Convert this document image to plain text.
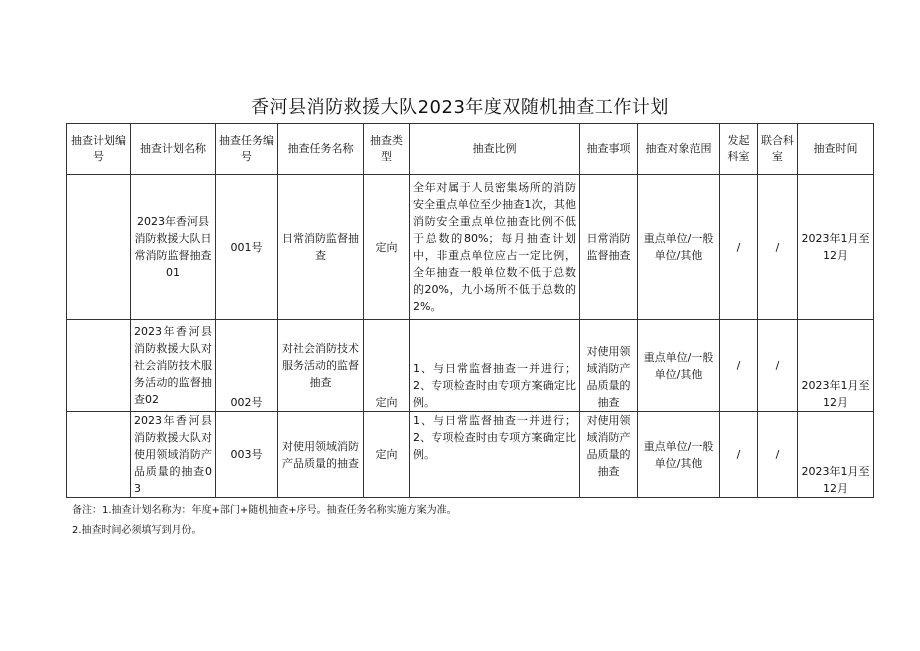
香河县消防救援大队2023年度双随机抽查工作计划
抽查计划编号	抽查计划名称	抽查任务编号	抽查任务名称	抽查类型	抽查比例	抽查事项	抽查对象范围	发起科室	联合科室	抽查时间
	2023年香河县消防救援大队日常消防监督抽查01	001号	日常消防监督抽查	定向	全年对属于人员密集场所的消防安全重点单位至少抽查1次，其他消防安全重点单位抽查比例不低于总数的80%；每月抽查计划中，非重点单位应占一定比例，全年抽查一般单位数不低于总数的20%，九小场所不低于总数的2%。	日常消防监督抽查	重点单位/一般单位/其他	/	/	2023年1月至12月
	2023年香河县消防救援大队对社会消防技术服务活动的监督抽查02	002号	对社会消防技术服务活动的监督抽查	定向	1、与日常监督抽查一并进行；2、专项检查时由专项方案确定比例。	对使用领域消防产品质量的抽查	重点单位/一般单位/其他	/	/	2023年1月至12月
	2023年香河县消防救援大队对使用领域消防产品质量的抽查03	003号	对使用领域消防产品质量的抽查	定向	1、与日常监督抽查一并进行；2、专项检查时由专项方案确定比例。	对使用领域消防产品质量的抽查	重点单位/一般单位/其他	/	/	2023年1月至12月
备注：1.抽查计划名称为：年度+部门+随机抽查+序号。抽查任务名称实施方案为准。
2.抽查时间必须填写到月份。
